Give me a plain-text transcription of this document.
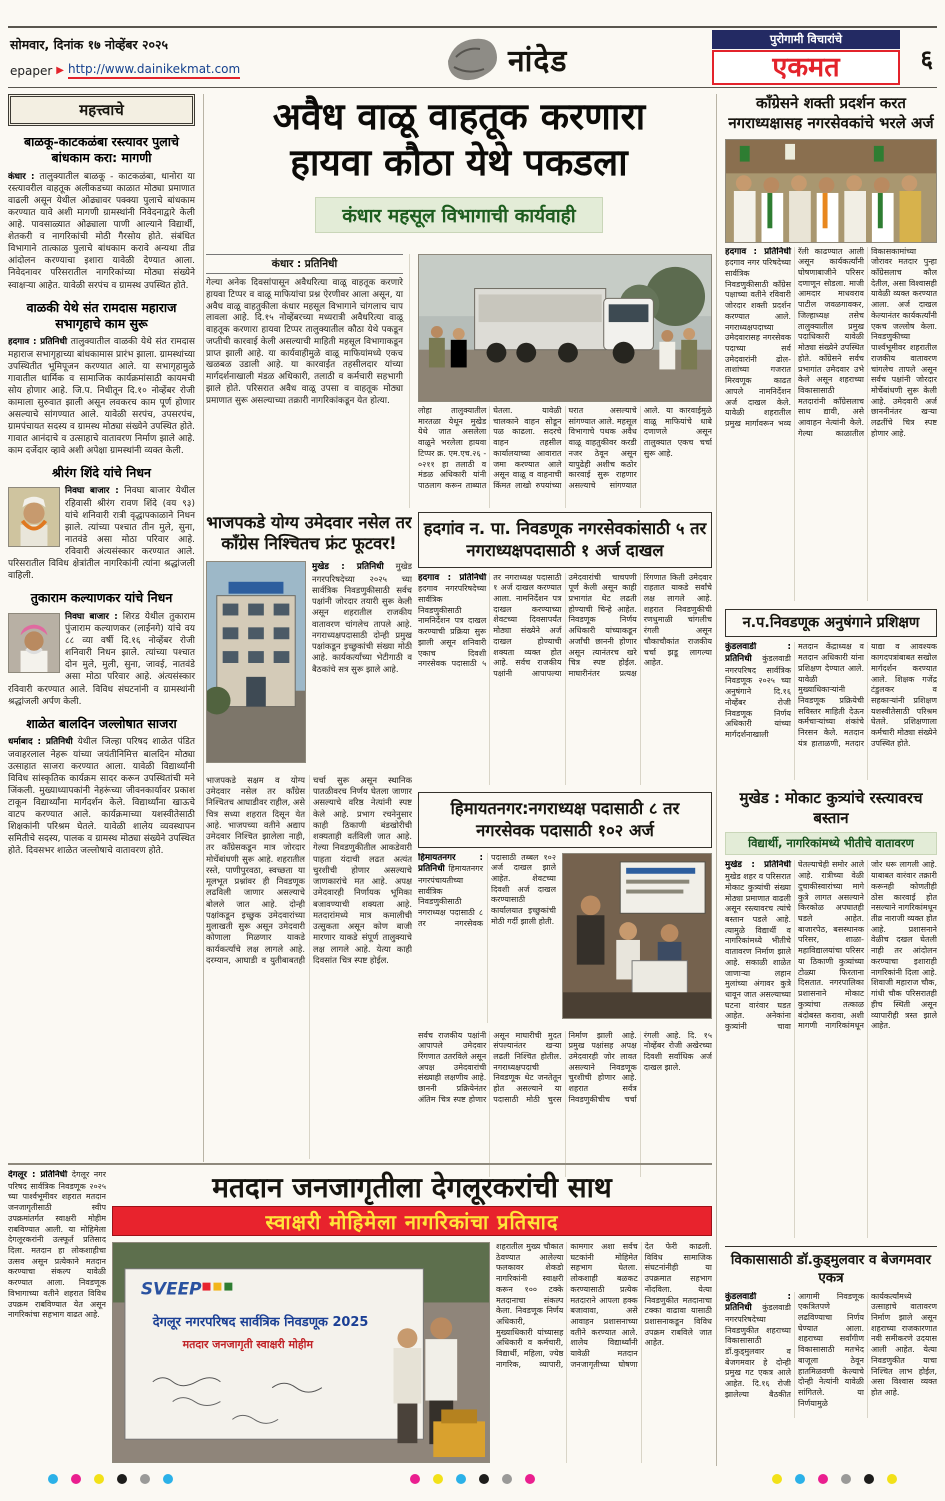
सोमवार, दिनांक १७ नोव्हेंबर २०२५
epaper ▶ http://www.dainikekmat.com	नांदेड
पुरोगामी विचारांचे
एकमत	६
महत्त्वाचे
बाळकू-काटकळंबा रस्त्यावर पुलाचे बांधकाम करा: मागणी

कंधार : तालुक्यातील बाळकू - काटकळंबा, धानोरा या रस्त्यावरील वाहतूक अलीकडच्या काळात मोठ्या प्रमाणात वाढली असून येथील ओढ्यावर पक्क्या पुलाचे बांधकाम करण्यात यावे अशी मागणी ग्रामस्थांनी निवेदनाद्वारे केली आहे. पावसाळ्यात ओढ्याला पाणी आल्याने विद्यार्थी, शेतकरी व नागरिकांची मोठी गैरसोय होते. संबंधित विभागाने तात्काळ पुलाचे बांधकाम करावे अन्यथा तीव्र आंदोलन करण्याचा इशारा यावेळी देण्यात आला. निवेदनावर परिसरातील नागरिकांच्या मोठ्या संख्येने स्वाक्षऱ्या आहेत. यावेळी सरपंच व ग्रामस्थ उपस्थित होते.

वाळकी येथे संत रामदास महाराज सभागृहाचे काम सुरू

हदगाव : प्रतिनिधी तालुक्यातील वाळकी येथे संत रामदास महाराज सभागृहाच्या बांधकामास प्रारंभ झाला. ग्रामस्थांच्या उपस्थितीत भूमिपूजन करण्यात आले. या सभागृहामुळे गावातील धार्मिक व सामाजिक कार्यक्रमांसाठी कायमची सोय होणार आहे. जि.प. निधीतून दि.१० नोव्हेंबर रोजी कामाला सुरुवात झाली असून लवकरच काम पूर्ण होणार असल्याचे सांगण्यात आले. यावेळी सरपंच, उपसरपंच, ग्रामपंचायत सदस्य व ग्रामस्थ मोठ्या संख्येने उपस्थित होते. गावात आनंदाचे व उत्साहाचे वातावरण निर्माण झाले आहे. काम दर्जेदार व्हावे अशी अपेक्षा ग्रामस्थांनी व्यक्त केली.

श्रीरंग शिंदे यांचे निधन

निवघा बाजार : निवघा बाजार येथील रहिवासी श्रीरंग रावण शिंदे (वय ९३) यांचे शनिवारी रात्री वृद्धापकाळाने निधन झाले. त्यांच्या पश्चात तीन मुले, सुना, नातवंडे असा मोठा परिवार आहे. रविवारी अंत्यसंस्कार करण्यात आले. परिसरातील विविध क्षेत्रांतील नागरिकांनी त्यांना श्रद्धांजली वाहिली.

तुकाराम कल्याणकर यांचे निधन

निवघा बाजार : शिरड येथील तुकाराम पुंजाराम कल्याणकर (लाईनगे) यांचे वय ८८ व्या वर्षी दि.१६ नोव्हेंबर रोजी शनिवारी निधन झाले. त्यांच्या पश्चात दोन मुले, मुली, सुना, जावई, नातवंडे असा मोठा परिवार आहे. अंत्यसंस्कार रविवारी करण्यात आले. विविध संघटनांनी व ग्रामस्थांनी श्रद्धांजली अर्पण केली.

शाळेत बालदिन जल्लोषात साजरा

धर्माबाद : प्रतिनिधी येथील जिल्हा परिषद शाळेत पंडित जवाहरलाल नेहरू यांच्या जयंतीनिमित्त बालदिन मोठ्या उत्साहात साजरा करण्यात आला. यावेळी विद्यार्थ्यांनी विविध सांस्कृतिक कार्यक्रम सादर करून उपस्थितांची मने जिंकली. मुख्याध्यापकांनी नेहरूंच्या जीवनकार्यावर प्रकाश टाकून विद्यार्थ्यांना मार्गदर्शन केले. विद्यार्थ्यांना खाऊचे वाटप करण्यात आले. कार्यक्रमाच्या यशस्वीतेसाठी शिक्षकांनी परिश्रम घेतले. यावेळी शालेय व्यवस्थापन समितीचे सदस्य, पालक व ग्रामस्थ मोठ्या संख्येने उपस्थित होते. दिवसभर शाळेत जल्लोषाचे वातावरण होते.

अवैध वाळू वाहतूक करणारा
हायवा कौठा येथे पकडला
कंधार महसूल विभागाची कार्यवाही
कंधार : प्रतिनिधी

गेल्या अनेक दिवसांपासून अवैधरित्या वाळू वाहतूक करणारे हायवा टिप्पर व वाळू माफियांचा प्रश्न ऐरणीवर आला असून, या अवैध वाळू वाहतुकीला कंधार महसूल विभागाने चांगलाच चाप लावला आहे. दि.१५ नोव्हेंबरच्या मध्यरात्री अवैधरित्या वाळू वाहतूक करणारा हायवा टिप्पर तालुक्यातील कौठा येथे पकडून जप्तीची कारवाई केली असल्याची माहिती महसूल विभागाकडून प्राप्त झाली आहे. या कार्यवाहीमुळे वाळू माफियांमध्ये एकच खळबळ उडाली आहे. या कारवाईत तहसीलदार यांच्या मार्गदर्शनाखाली मंडळ अधिकारी, तलाठी व कर्मचारी सहभागी झाले होते. परिसरात अवैध वाळू उपसा व वाहतूक मोठ्या प्रमाणात सुरू असल्याच्या तक्रारी नागरिकांकडून येत होत्या.

लोहा तालुक्यातील मारतळा येथून मुखेड येथे जात असलेला वाळूने भरलेला हायवा टिप्पर क्र. एम.एच.२६ - ०२११ हा तलाठी व मंडळ अधिकारी यांनी पाठलाग करून ताब्यात घेतला. यावेळी चालकाने वाहन सोडून पळ काढला. सदरचे वाहन तहसील कार्यालयाच्या आवारात जमा करण्यात आले असून वाळू व वाहनाची किंमत लाखो रुपयांच्या घरात असल्याचे सांगण्यात आले. महसूल विभागाचे पथक अवैध वाळू वाहतुकीवर करडी नजर ठेवून असून यापुढेही अशीच कठोर कारवाई सुरू राहणार असल्याचे सांगण्यात आले. या कारवाईमुळे वाळू माफियांचे धाबे दणाणले असून तालुक्यात एकच चर्चा सुरू आहे.
भाजपकडे योग्य उमेदवार नसेल तर काँग्रेस निश्चितच फ्रंट फूटवर!
मुखेड : प्रतिनिधी मुखेड नगरपरिषदेच्या २०२५ च्या सार्वत्रिक निवडणुकीसाठी सर्वच पक्षांनी जोरदार तयारी सुरू केली असून शहरातील राजकीय वातावरण चांगलेच तापले आहे. नगराध्यक्षपदासाठी दोन्ही प्रमुख पक्षांकडून इच्छुकांची संख्या मोठी आहे. कार्यकर्त्यांच्या भेटीगाठी व बैठकांचे सत्र सुरू झाले आहे.
भाजपकडे सक्षम व योग्य उमेदवार नसेल तर काँग्रेस निश्चितच आघाडीवर राहील, असे चित्र सध्या शहरात दिसून येत आहे. भाजपच्या वतीने अद्याप उमेदवार निश्चित झालेला नाही, तर काँग्रेसकडून मात्र जोरदार मोर्चेबांधणी सुरू आहे. शहरातील रस्ते, पाणीपुरवठा, स्वच्छता या मूलभूत प्रश्नांवर ही निवडणूक लढविली जाणार असल्याचे बोलले जात आहे. दोन्ही पक्षांकडून इच्छुक उमेदवारांच्या मुलाखती सुरू असून उमेदवारी कोणाला मिळणार याकडे कार्यकर्त्यांचे लक्ष लागले आहे. दरम्यान, आघाडी व युतीबाबतही चर्चा सुरू असून स्थानिक पातळीवरच निर्णय घेतला जाणार असल्याचे वरिष्ठ नेत्यांनी स्पष्ट केले आहे. प्रभाग रचनेनुसार काही ठिकाणी बंडखोरीची शक्यताही वर्तविली जात आहे. गेल्या निवडणुकीतील आकडेवारी पाहता यंदाची लढत अत्यंत चुरशीची होणार असल्याचे जाणकारांचे मत आहे. अपक्ष उमेदवारही निर्णायक भूमिका बजावण्याची शक्यता आहे. मतदारांमध्ये मात्र कमालीची उत्सुकता असून कोण बाजी मारणार याकडे संपूर्ण तालुक्याचे लक्ष लागले आहे. येत्या काही दिवसांत चित्र स्पष्ट होईल.
हदगांव न. पा. निवडणूक नगरसेवकांसाठी ५ तर नगराध्यक्षपदासाठी १ अर्ज दाखल
हदगाव : प्रतिनिधी हदगाव नगरपरिषदेच्या सार्वत्रिक निवडणुकीसाठी नामनिर्देशन पत्र दाखल करण्याची प्रक्रिया सुरू झाली असून शनिवारी एकाच दिवशी नगरसेवक पदासाठी ५ तर नगराध्यक्ष पदासाठी १ अर्ज दाखल करण्यात आला. नामनिर्देशन पत्र दाखल करण्याच्या शेवटच्या दिवसापर्यंत मोठ्या संख्येने अर्ज दाखल होण्याची शक्यता व्यक्त होत आहे. सर्वच राजकीय पक्षांनी आपापल्या उमेदवारांची चाचपणी पूर्ण केली असून काही प्रभागांत थेट लढती होण्याची चिन्हे आहेत. निवडणूक निर्णय अधिकारी यांच्याकडून अर्जांची छाननी होणार असून त्यानंतरच खरे चित्र स्पष्ट होईल. माघारीनंतर प्रत्यक्ष रिंगणात किती उमेदवार राहतात याकडे सर्वांचे लक्ष लागले आहे. शहरात निवडणुकीची रणधुमाळी चांगलीच रंगली असून चौकाचौकांत राजकीय चर्चा झडू लागल्या आहेत.
हिमायतनगर:नगराध्यक्ष पदासाठी ८ तर नगरसेवक पदासाठी १०२ अर्ज
हिमायतनगर : प्रतिनिधी हिमायतनगर नगरपंचायतीच्या सार्वत्रिक निवडणुकीसाठी नगराध्यक्ष पदासाठी ८ तर नगरसेवक पदासाठी तब्बल १०२ अर्ज दाखल झाले आहेत. शेवटच्या दिवशी अर्ज दाखल करण्यासाठी कार्यालयात इच्छुकांची मोठी गर्दी झाली होती.
सर्वच राजकीय पक्षांनी आपापले उमेदवार रिंगणात उतरविले असून अपक्ष उमेदवारांची संख्याही लक्षणीय आहे. छाननी प्रक्रियेनंतर अंतिम चित्र स्पष्ट होणार असून माघारीची मुदत संपल्यानंतर खऱ्या लढती निश्चित होतील. नगराध्यक्षपदाची निवडणूक थेट जनतेतून होत असल्याने या पदासाठी मोठी चुरस निर्माण झाली आहे. प्रमुख पक्षांसह अपक्ष उमेदवारही जोर लावत असल्याने निवडणूक चुरशीची होणार आहे. शहरात सर्वत्र निवडणुकीचीच चर्चा रंगली आहे. दि. १५ नोव्हेंबर रोजी अखेरच्या दिवशी सर्वाधिक अर्ज दाखल झाले.
देगलूर : प्रतिनिधी देगलूर नगर परिषद सार्वत्रिक निवडणूक २०२५ च्या पार्श्वभूमीवर शहरात मतदान जनजागृतीसाठी स्वीप उपक्रमांतर्गत स्वाक्षरी मोहीम राबविण्यात आली. या मोहिमेला देगलूरकरांनी उत्स्फूर्त प्रतिसाद दिला. मतदान हा लोकशाहीचा उत्सव असून प्रत्येकाने मतदान करण्याचा संकल्प यावेळी करण्यात आला. निवडणूक विभागाच्या वतीने शहरात विविध उपक्रम राबविण्यात येत असून नागरिकांचा सहभाग वाढत आहे.
मतदान जनजागृतीला देगलूरकरांची साथ
स्वाक्षरी मोहिमेला नागरिकांचा प्रतिसाद
SVEEP
देगलूर नगरपरिषद सार्वत्रिक निवडणूक 2025
मतदार जनजागृती स्वाक्षरी मोहीम
शहरातील मुख्य चौकात ठेवण्यात आलेल्या फलकावर शेकडो नागरिकांनी स्वाक्षरी करून १०० टक्के मतदानाचा संकल्प केला. निवडणूक निर्णय अधिकारी, मुख्याधिकारी यांच्यासह अधिकारी व कर्मचारी, विद्यार्थी, महिला, ज्येष्ठ नागरिक, व्यापारी, कामगार अशा सर्वच घटकांनी मोहिमेत सहभाग घेतला. लोकशाही बळकट करण्यासाठी प्रत्येक मतदाराने आपला हक्क बजावावा, असे आवाहन प्रशासनाच्या वतीने करण्यात आले. शालेय विद्यार्थ्यांनी यावेळी मतदान जनजागृतीच्या घोषणा देत फेरी काढली. विविध सामाजिक संघटनांनीही या उपक्रमात सहभाग नोंदविला. येत्या निवडणुकीत मतदानाचा टक्का वाढावा यासाठी प्रशासनाकडून विविध उपक्रम राबविले जात आहेत.
काँग्रेसने शक्ती प्रदर्शन करत नगराध्यक्षासह नगरसेवकांचे भरले अर्ज
हदगाव : प्रतिनिधी हदगाव नगर परिषदेच्या सार्वत्रिक निवडणुकीसाठी काँग्रेस पक्षाच्या वतीने रविवारी जोरदार शक्ती प्रदर्शन करण्यात आले. नगराध्यक्षपदाच्या उमेदवारासह नगरसेवक पदाच्या सर्व उमेदवारांनी ढोल-ताशांच्या गजरात मिरवणूक काढत आपले नामनिर्देशन अर्ज दाखल केले. यावेळी शहरातील प्रमुख मार्गावरून भव्य रॅली काढण्यात आली असून कार्यकर्त्यांनी घोषणाबाजीने परिसर दणाणून सोडला. माजी आमदार माधवराव पाटील जवळगावकर, जिल्हाध्यक्ष तसेच तालुक्यातील प्रमुख पदाधिकारी यावेळी मोठ्या संख्येने उपस्थित होते. काँग्रेसने सर्वच प्रभागांत उमेदवार उभे केले असून शहराच्या विकासासाठी मतदारांनी काँग्रेसलाच साथ द्यावी, असे आवाहन नेत्यांनी केले. गेल्या काळातील विकासकामांच्या जोरावर मतदार पुन्हा काँग्रेसलाच कौल देतील, असा विश्वासही यावेळी व्यक्त करण्यात आला. अर्ज दाखल केल्यानंतर कार्यकर्त्यांनी एकच जल्लोष केला. निवडणुकीच्या पार्श्वभूमीवर शहरातील राजकीय वातावरण चांगलेच तापले असून सर्वच पक्षांनी जोरदार मोर्चेबांधणी सुरू केली आहे. उमेदवारी अर्ज छाननीनंतर खऱ्या लढतींचे चित्र स्पष्ट होणार आहे.
न.प.निवडणूक अनुषंगाने प्रशिक्षण
कुंडलवाडी : प्रतिनिधी कुंडलवाडी नगरपरिषद सार्वत्रिक निवडणूक २०२५ च्या अनुषंगाने दि.१६ नोव्हेंबर रोजी निवडणूक निर्णय अधिकारी यांच्या मार्गदर्शनाखाली मतदान केंद्राध्यक्ष व मतदान अधिकारी यांना प्रशिक्षण देण्यात आले. यावेळी मुख्याधिकाऱ्यांनी निवडणूक प्रक्रियेची सविस्तर माहिती देऊन कर्मचाऱ्यांच्या शंकांचे निरसन केले. मतदान यंत्र हाताळणी, मतदार याद्या व आवश्यक कागदपत्रांबाबत सखोल मार्गदर्शन करण्यात आले. शिक्षक गजेंद्र टंडुलकर व सहकाऱ्यांनी प्रशिक्षण यशस्वीतेसाठी परिश्रम घेतले. प्रशिक्षणाला कर्मचारी मोठ्या संख्येने उपस्थित होते.
मुखेड : मोकाट कुत्र्यांचे रस्त्यावरच बस्तान
विद्यार्थी, नागरिकांमध्ये भीतीचे वातावरण
मुखेड : प्रतिनिधी मुखेड शहर व परिसरात मोकाट कुत्र्यांची संख्या मोठ्या प्रमाणात वाढली असून रस्त्यावरच त्यांचे बस्तान पडले आहे. त्यामुळे विद्यार्थी व नागरिकांमध्ये भीतीचे वातावरण निर्माण झाले आहे. सकाळी शाळेत जाणाऱ्या लहान मुलांच्या अंगावर कुत्रे धावून जात असल्याच्या घटना वारंवार घडत आहेत. अनेकांना कुत्र्यांनी चावा घेतल्याचेही समोर आले आहे. रात्रीच्या वेळी दुचाकीस्वारांच्या मागे कुत्रे लागत असल्याने किरकोळ अपघातही घडले आहेत. बाजारपेठ, बसस्थानक परिसर, शाळा-महाविद्यालयांचा परिसर या ठिकाणी कुत्र्यांच्या टोळ्या फिरताना दिसतात. नगरपालिका प्रशासनाने मोकाट कुत्र्यांचा तत्काळ बंदोबस्त करावा, अशी मागणी नागरिकांमधून जोर धरू लागली आहे. याबाबत वारंवार तक्रारी करूनही कोणतीही ठोस कारवाई होत नसल्याने नागरिकांमधून तीव्र नाराजी व्यक्त होत आहे. प्रशासनाने वेळीच दखल घेतली नाही तर आंदोलन करण्याचा इशाराही नागरिकांनी दिला आहे. शिवाजी महाराज चौक, गांधी चौक परिसरातही हीच स्थिती असून व्यापारीही त्रस्त झाले आहेत.
विकासासाठी डॉ.कुड्मुलवार व बेजगमवार एकत्र
कुंडलवाडी : प्रतिनिधी कुंडलवाडी नगरपरिषदेच्या निवडणुकीत शहराच्या विकासासाठी डॉ.कुड्मुलवार व बेजगमवार हे दोन्ही प्रमुख गट एकत्र आले आहेत. दि.१६ रोजी झालेल्या बैठकीत आगामी निवडणूक एकत्रितपणे लढविण्याचा निर्णय घेण्यात आला. शहराच्या सर्वांगीण विकासासाठी मतभेद बाजूला ठेवून हातमिळवणी केल्याचे दोन्ही नेत्यांनी यावेळी सांगितले. या निर्णयामुळे कार्यकर्त्यांमध्ये उत्साहाचे वातावरण निर्माण झाले असून शहराच्या राजकारणात नवी समीकरणे उदयास आली आहेत. येत्या निवडणुकीत याचा निश्चित लाभ होईल, असा विश्वास व्यक्त होत आहे.
